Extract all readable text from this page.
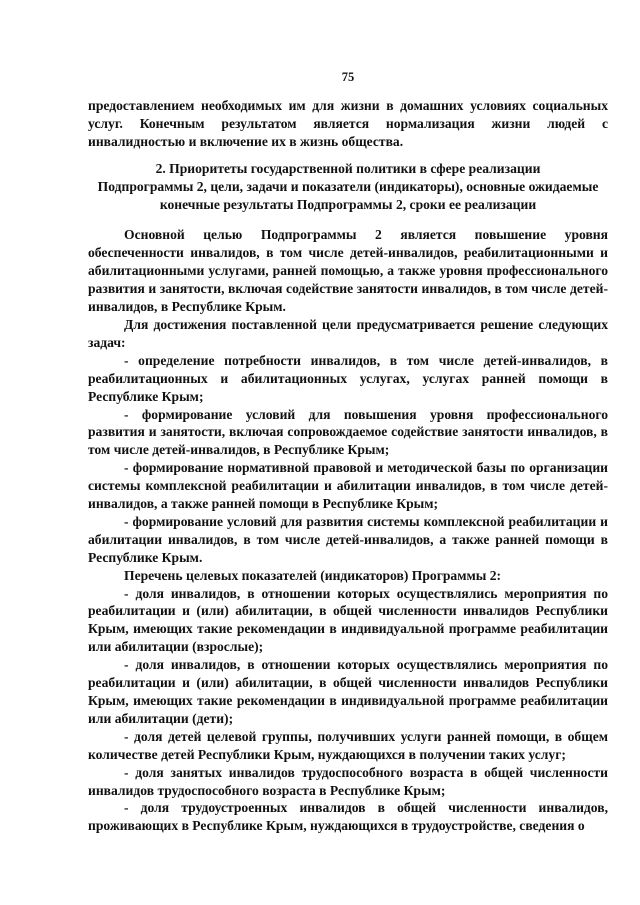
75

предоставлением необходимых им для жизни в домашних условиях социальных услуг. Конечным результатом является нормализация жизни людей с инвалидностью и включение их в жизнь общества.

2. Приоритеты государственной политики в сфере реализации
Подпрограммы 2, цели, задачи и показатели (индикаторы), основные ожидаемые
конечные результаты Подпрограммы 2, сроки ее реализации

Основной целью Подпрограммы 2 является повышение уровня обеспеченности инвалидов, в том числе детей-инвалидов, реабилитационными и абилитационными услугами, ранней помощью, а также уровня профессионального развития и занятости, включая содействие занятости инвалидов, в том числе детей-инвалидов, в Республике Крым.

Для достижения поставленной цели предусматривается решение следующих задач:

- определение потребности инвалидов, в том числе детей-инвалидов, в реабилитационных и абилитационных услугах, услугах ранней помощи в Республике Крым;

- формирование условий для повышения уровня профессионального развития и занятости, включая сопровождаемое содействие занятости инвалидов, в том числе детей-инвалидов, в Республике Крым;

- формирование нормативной правовой и методической базы по организации системы комплексной реабилитации и абилитации инвалидов, в том числе детей-инвалидов, а также ранней помощи в Республике Крым;

- формирование условий для развития системы комплексной реабилитации и абилитации инвалидов, в том числе детей-инвалидов, а также ранней помощи в Республике Крым.

Перечень целевых показателей (индикаторов) Программы 2:

- доля инвалидов, в отношении которых осуществлялись мероприятия по реабилитации и (или) абилитации, в общей численности инвалидов Республики Крым, имеющих такие рекомендации в индивидуальной программе реабилитации или абилитации (взрослые);

- доля инвалидов, в отношении которых осуществлялись мероприятия по реабилитации и (или) абилитации, в общей численности инвалидов Республики Крым, имеющих такие рекомендации в индивидуальной программе реабилитации или абилитации (дети);

- доля детей целевой группы, получивших услуги ранней помощи, в общем количестве детей Республики Крым, нуждающихся в получении таких услуг;

- доля занятых инвалидов трудоспособного возраста в общей численности инвалидов трудоспособного возраста в Республике Крым;

- доля трудоустроенных инвалидов в общей численности инвалидов, проживающих в Республике Крым, нуждающихся в трудоустройстве, сведения о
